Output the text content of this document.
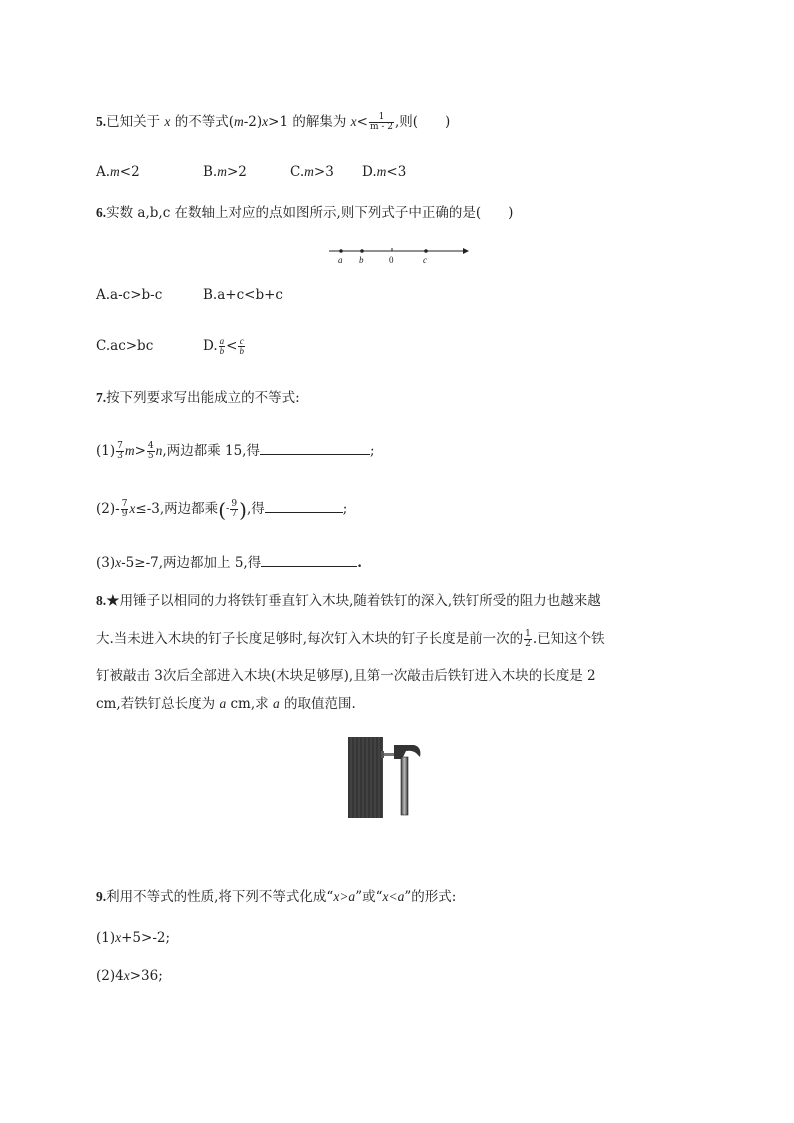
5.已知关于 x 的不等式(m-2)x>1 的解集为 $x< \frac{1}{m - 2}$ ,则(　　)
A.m<2	B.m>2	C.m>3 D.m<3
6.实数 a,b,c 在数轴上对应的点如图所示,则下列式子中正确的是(　　)
a b	0	c
A.a-c>b-c	B.a+c<b+c
C.ac>bc	D. $\frac{a}{b} < \frac{c}{b}$
7.按下列要求写出能成立的不等式:
$(1) \frac{7}{3} m> \frac{4}{5} n$,两边都乘 15,得	;
$(2)- \frac{7}{9} x\le-3$,两边都乘(- $\frac{9}{7}$ ),得	;
(3)x-5≥-7,两边都加上 5,得	.
8.★用锤子以相同的力将铁钉垂直钉入木块,随着铁钉的深入,铁钉所受的阻力也越来越
大.当未进入木块的钉子长度足够时,每次钉入木块的钉子长度是前一次的 $\frac{1}{2}$ .已知这个铁
钉被敲击 3次后全部进入木块(木块足够厚),且第一次敲击后铁钉进入木块的长度是 2
cm,若铁钉总长度为 a cm,求 a 的取值范围.
9.利用不等式的性质,将下列不等式化成“x>a”或“x<a”的形式:
(1)x+5>-2;
(2)4x>36;
